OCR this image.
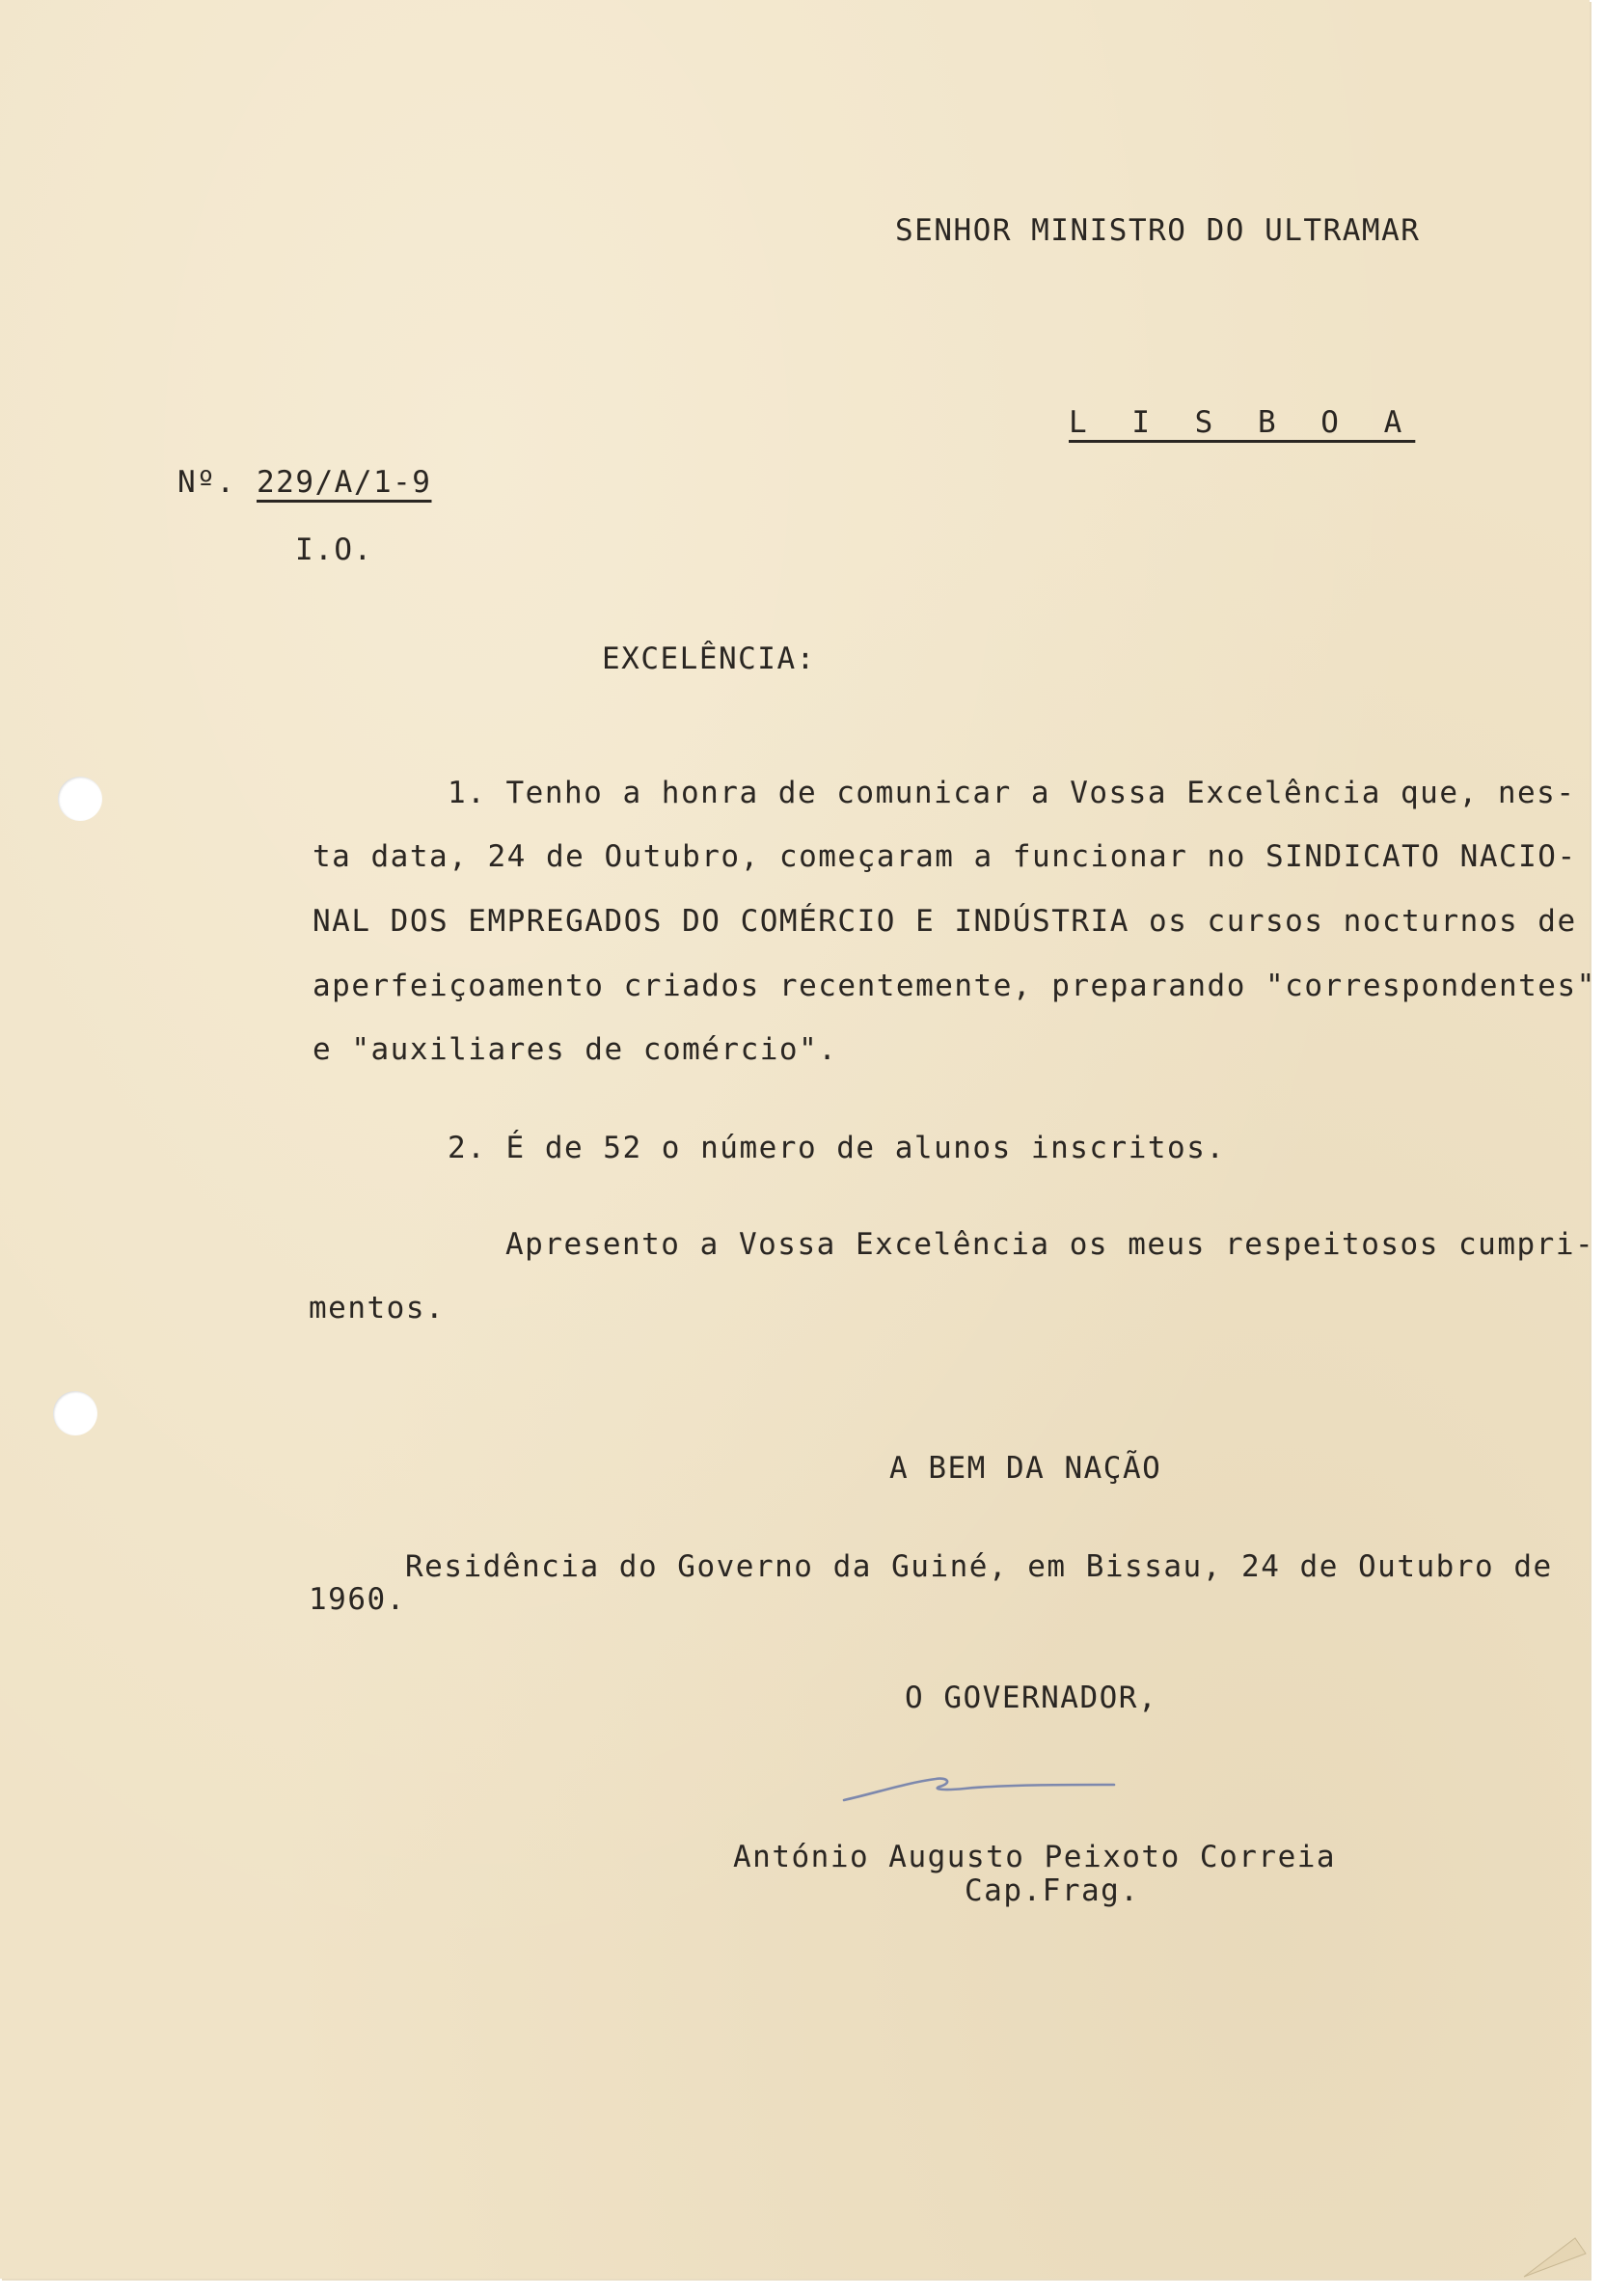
SENHOR MINISTRO DO ULTRAMAR
L I S B O A
Nº. 229/A/1-9
I.O.
EXCELÊNCIA:
1. Tenho a honra de comunicar a Vossa Excelência que, nes-
ta data, 24 de Outubro, começaram a funcionar no SINDICATO NACIO-
NAL DOS EMPREGADOS DO COMÉRCIO E INDÚSTRIA os cursos nocturnos de
aperfeiçoamento criados recentemente, preparando "correspondentes"
e "auxiliares de comércio".
2. É de 52 o número de alunos inscritos.
Apresento a Vossa Excelência os meus respeitosos cumpri-
mentos.
A BEM DA NAÇÃO
Residência do Governo da Guiné, em Bissau, 24 de Outubro de
1960.
O GOVERNADOR,
António Augusto Peixoto Correia
Cap.Frag.
